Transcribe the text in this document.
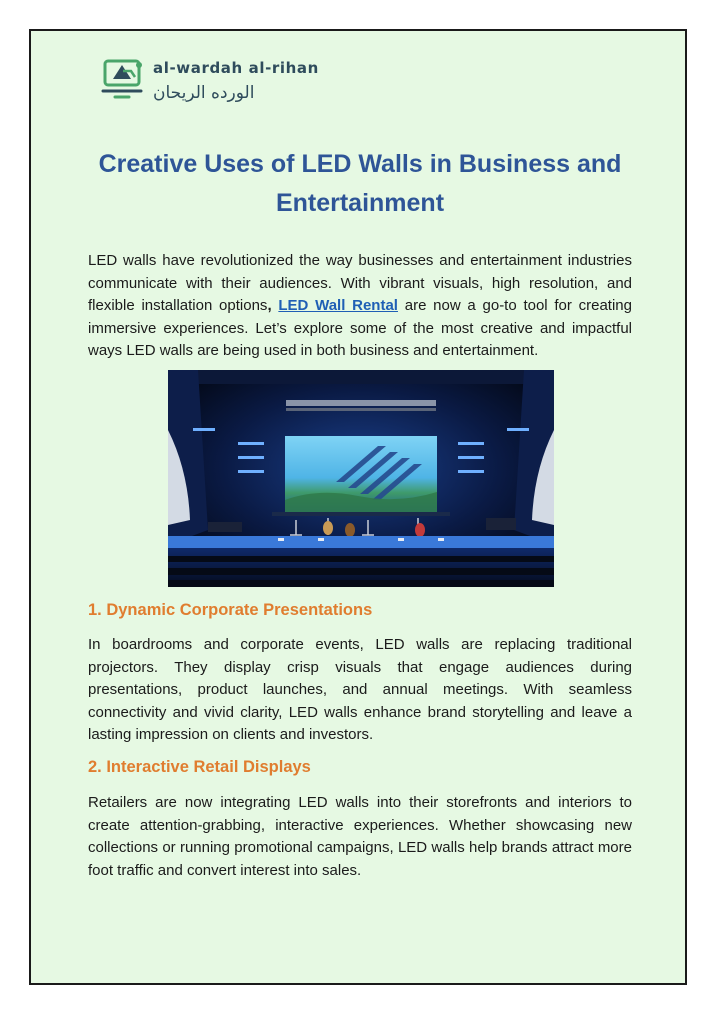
al-wardah al-rihan
الورده الريحان
Creative Uses of LED Walls in Business and Entertainment

LED walls have revolutionized the way businesses and entertainment industries communicate with their audiences. With vibrant visuals, high resolution, and flexible installation options, LED Wall Rental are now a go-to tool for creating immersive experiences. Let’s explore some of the most creative and impactful ways LED walls are being used in both business and entertainment.

1. Dynamic Corporate Presentations

In boardrooms and corporate events, LED walls are replacing traditional projectors. They display crisp visuals that engage audiences during presentations, product launches, and annual meetings. With seamless connectivity and vivid clarity, LED walls enhance brand storytelling and leave a lasting impression on clients and investors.

2. Interactive Retail Displays

Retailers are now integrating LED walls into their storefronts and interiors to create attention-grabbing, interactive experiences. Whether showcasing new collections or running promotional campaigns, LED walls help brands attract more foot traffic and convert interest into sales.
